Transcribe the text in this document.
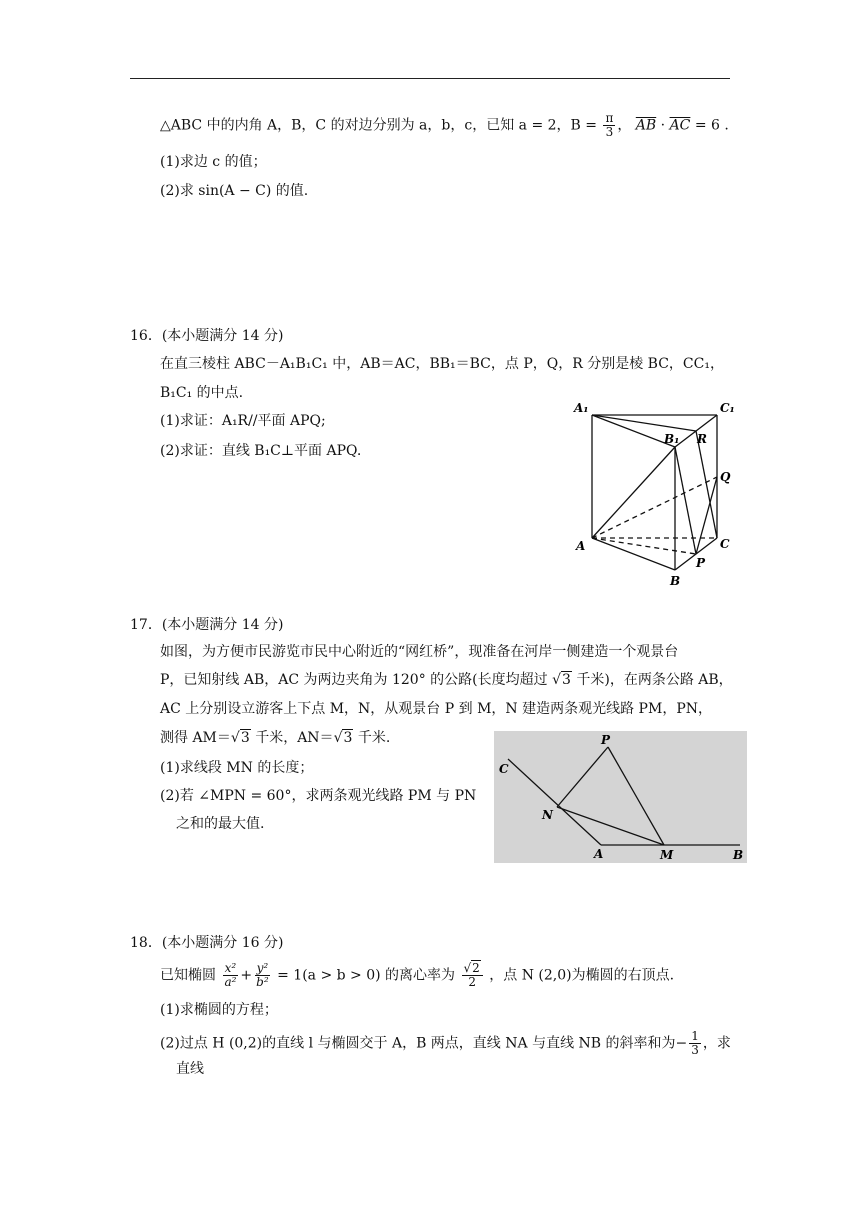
△ABC 中的内角 A，B，C 的对边分别为 a，b，c，已知 a = 2，$B = \frac{\pi}{3}$ ， $\overline{AB} \cdot \overline{AC} = 6$ .
(1)求边 c 的值；
(2)求 sin(A − C) 的值.
16．(本小题满分 14 分)
在直三棱柱 ABC－A₁B₁C₁ 中，AB＝AC，BB₁＝BC，点 P，Q，R 分别是棱 BC，CC₁，
B₁C₁ 的中点.
(1)求证：A₁R//平面 APQ;
(2)求证：直线 B₁C⊥平面 APQ.
A₁	C₁
B₁ R
Q
A	C
P
B
17．(本小题满分 14 分)
如图，为方便市民游览市民中心附近的“网红桥”，现准备在河岸一侧建造一个观景台
P，已知射线 AB，AC 为两边夹角为 120° 的公路(长度均超过 √3 千米)，在两条公路 AB，
AC 上分别设立游客上下点 M，N，从观景台 P 到 M，N 建造两条观光线路 PM，PN，
测得 AM＝√3 千米，AN＝√3 千米.
(1)求线段 MN 的长度；
(2)若 ∠MPN = 60°，求两条观光线路 PM 与 PN
之和的最大值.
P
C
N
A	M	B
18．(本小题满分 16 分)
已知椭圆 $\frac{\text{x²}}{\text{a²}} + \frac{\text{y²}}{\text{b²}} = 1(a > b > 0)$ 的离心率为 $\frac{√2}{2}$ ，点 N (2,0)为椭圆的右顶点.
(1)求椭圆的方程；
(2)过点 H (0,2)的直线 l 与椭圆交于 A，B 两点，直线 NA 与直线 NB 的斜率和为− $\frac{1}{3}$ ，求
直线
